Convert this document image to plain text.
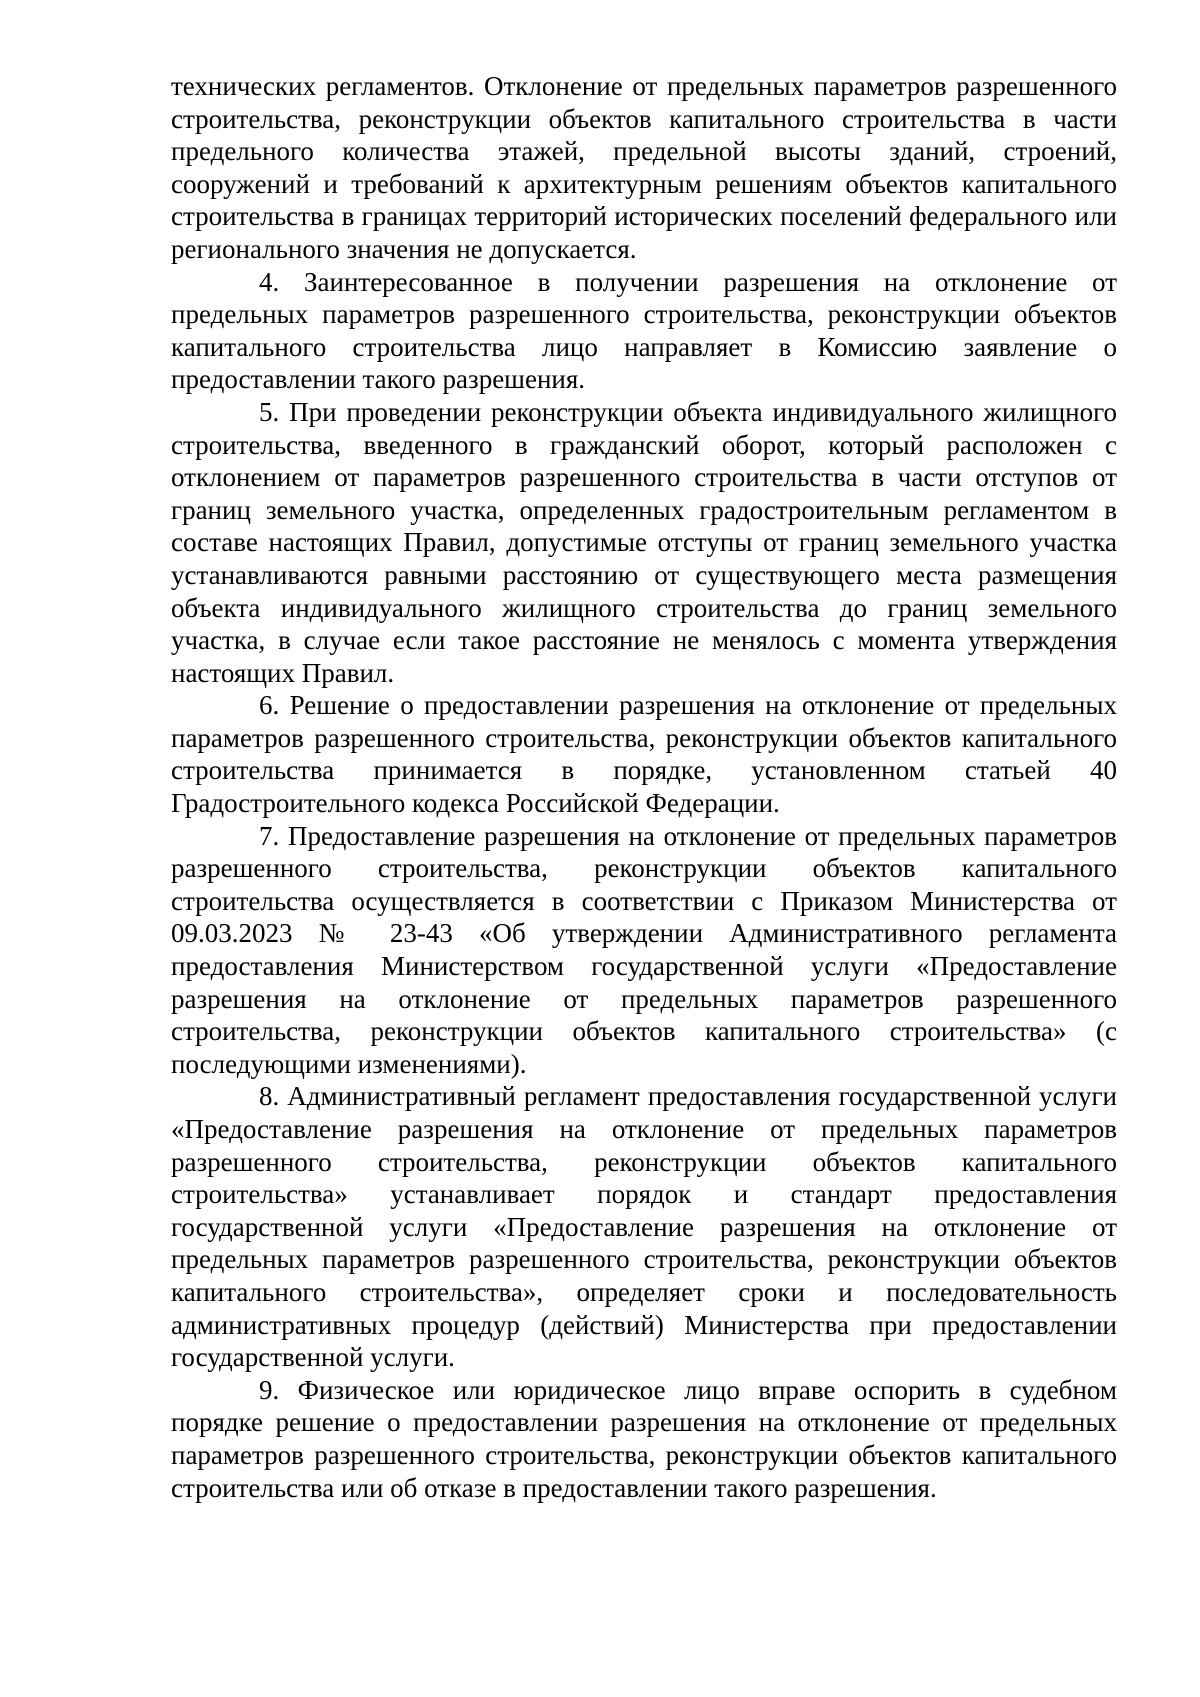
технических регламентов. Отклонение от предельных параметров разрешенного строительства, реконструкции объектов капитального строительства в части предельного количества этажей, предельной высоты зданий, строений, сооружений и требований к архитектурным решениям объектов капитального строительства в границах территорий исторических поселений федерального или регионального значения не допускается.

4. Заинтересованное в получении разрешения на отклонение от предельных параметров разрешенного строительства, реконструкции объектов капитального строительства лицо направляет в Комиссию заявление о предоставлении такого разрешения.

5. При проведении реконструкции объекта индивидуального жилищного строительства, введенного в гражданский оборот, который расположен с отклонением от параметров разрешенного строительства в части отступов от границ земельного участка, определенных градостроительным регламентом в составе настоящих Правил, допустимые отступы от границ земельного участка устанавливаются равными расстоянию от существующего места размещения объекта индивидуального жилищного строительства до границ земельного участка, в случае если такое расстояние не менялось с момента утверждения настоящих Правил.

6. Решение о предоставлении разрешения на отклонение от предельных параметров разрешенного строительства, реконструкции объектов капитального строительства принимается в порядке, установленном статьей 40 Градостроительного кодекса Российской Федерации.

7. Предоставление разрешения на отклонение от предельных параметров разрешенного строительства, реконструкции объектов капитального строительства осуществляется в соответствии с Приказом Министерства от 09.03.2023 № 23-43 «Об утверждении Административного регламента предоставления Министерством государственной услуги «Предоставление разрешения на отклонение от предельных параметров разрешенного строительства, реконструкции объектов капитального строительства» (с последующими изменениями).

8. Административный регламент предоставления государственной услуги «Предоставление разрешения на отклонение от предельных параметров разрешенного строительства, реконструкции объектов капитального строительства» устанавливает порядок и стандарт предоставления государственной услуги «Предоставление разрешения на отклонение от предельных параметров разрешенного строительства, реконструкции объектов капитального строительства», определяет сроки и последовательность административных процедур (действий) Министерства при предоставлении государственной услуги.

9. Физическое или юридическое лицо вправе оспорить в судебном порядке решение о предоставлении разрешения на отклонение от предельных параметров разрешенного строительства, реконструкции объектов капитального строительства или об отказе в предоставлении такого разрешения.
